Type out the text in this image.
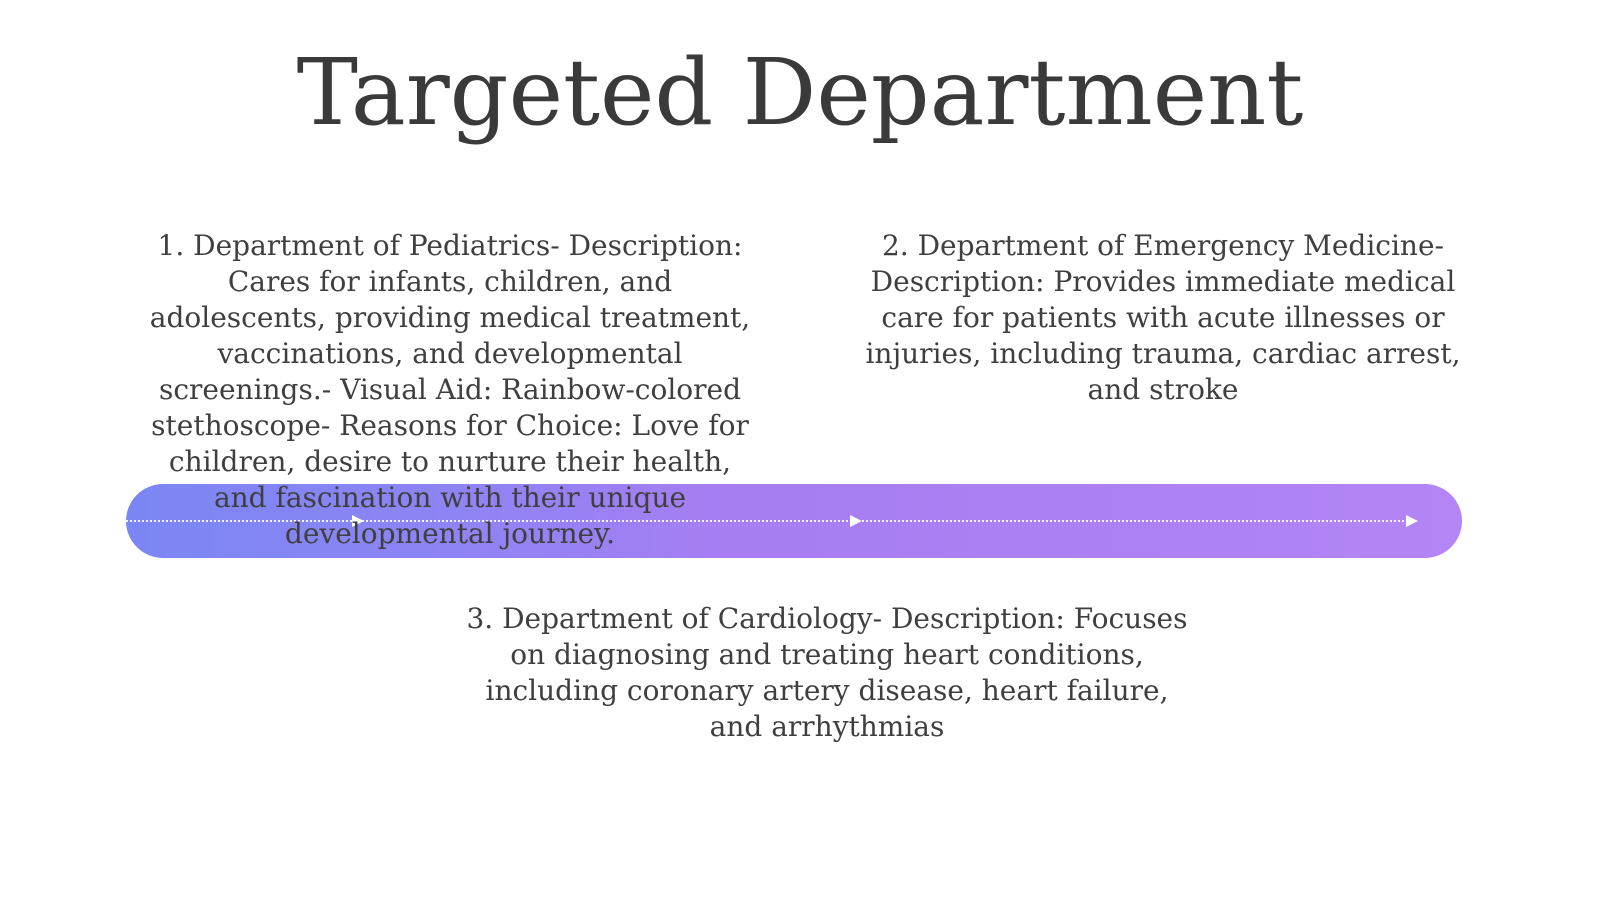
Targeted Department
1. Department of Pediatrics- Description: Cares for infants, children, and adolescents, providing medical treatment, vaccinations, and developmental screenings.- Visual Aid: Rainbow-colored stethoscope- Reasons for Choice: Love for children, desire to nurture their health, and fascination with their unique developmental journey.
2. Department of Emergency Medicine- Description: Provides immediate medical care for patients with acute illnesses or injuries, including trauma, cardiac arrest, and stroke
3. Department of Cardiology- Description: Focuses on diagnosing and treating heart conditions, including coronary artery disease, heart failure, and arrhythmias
